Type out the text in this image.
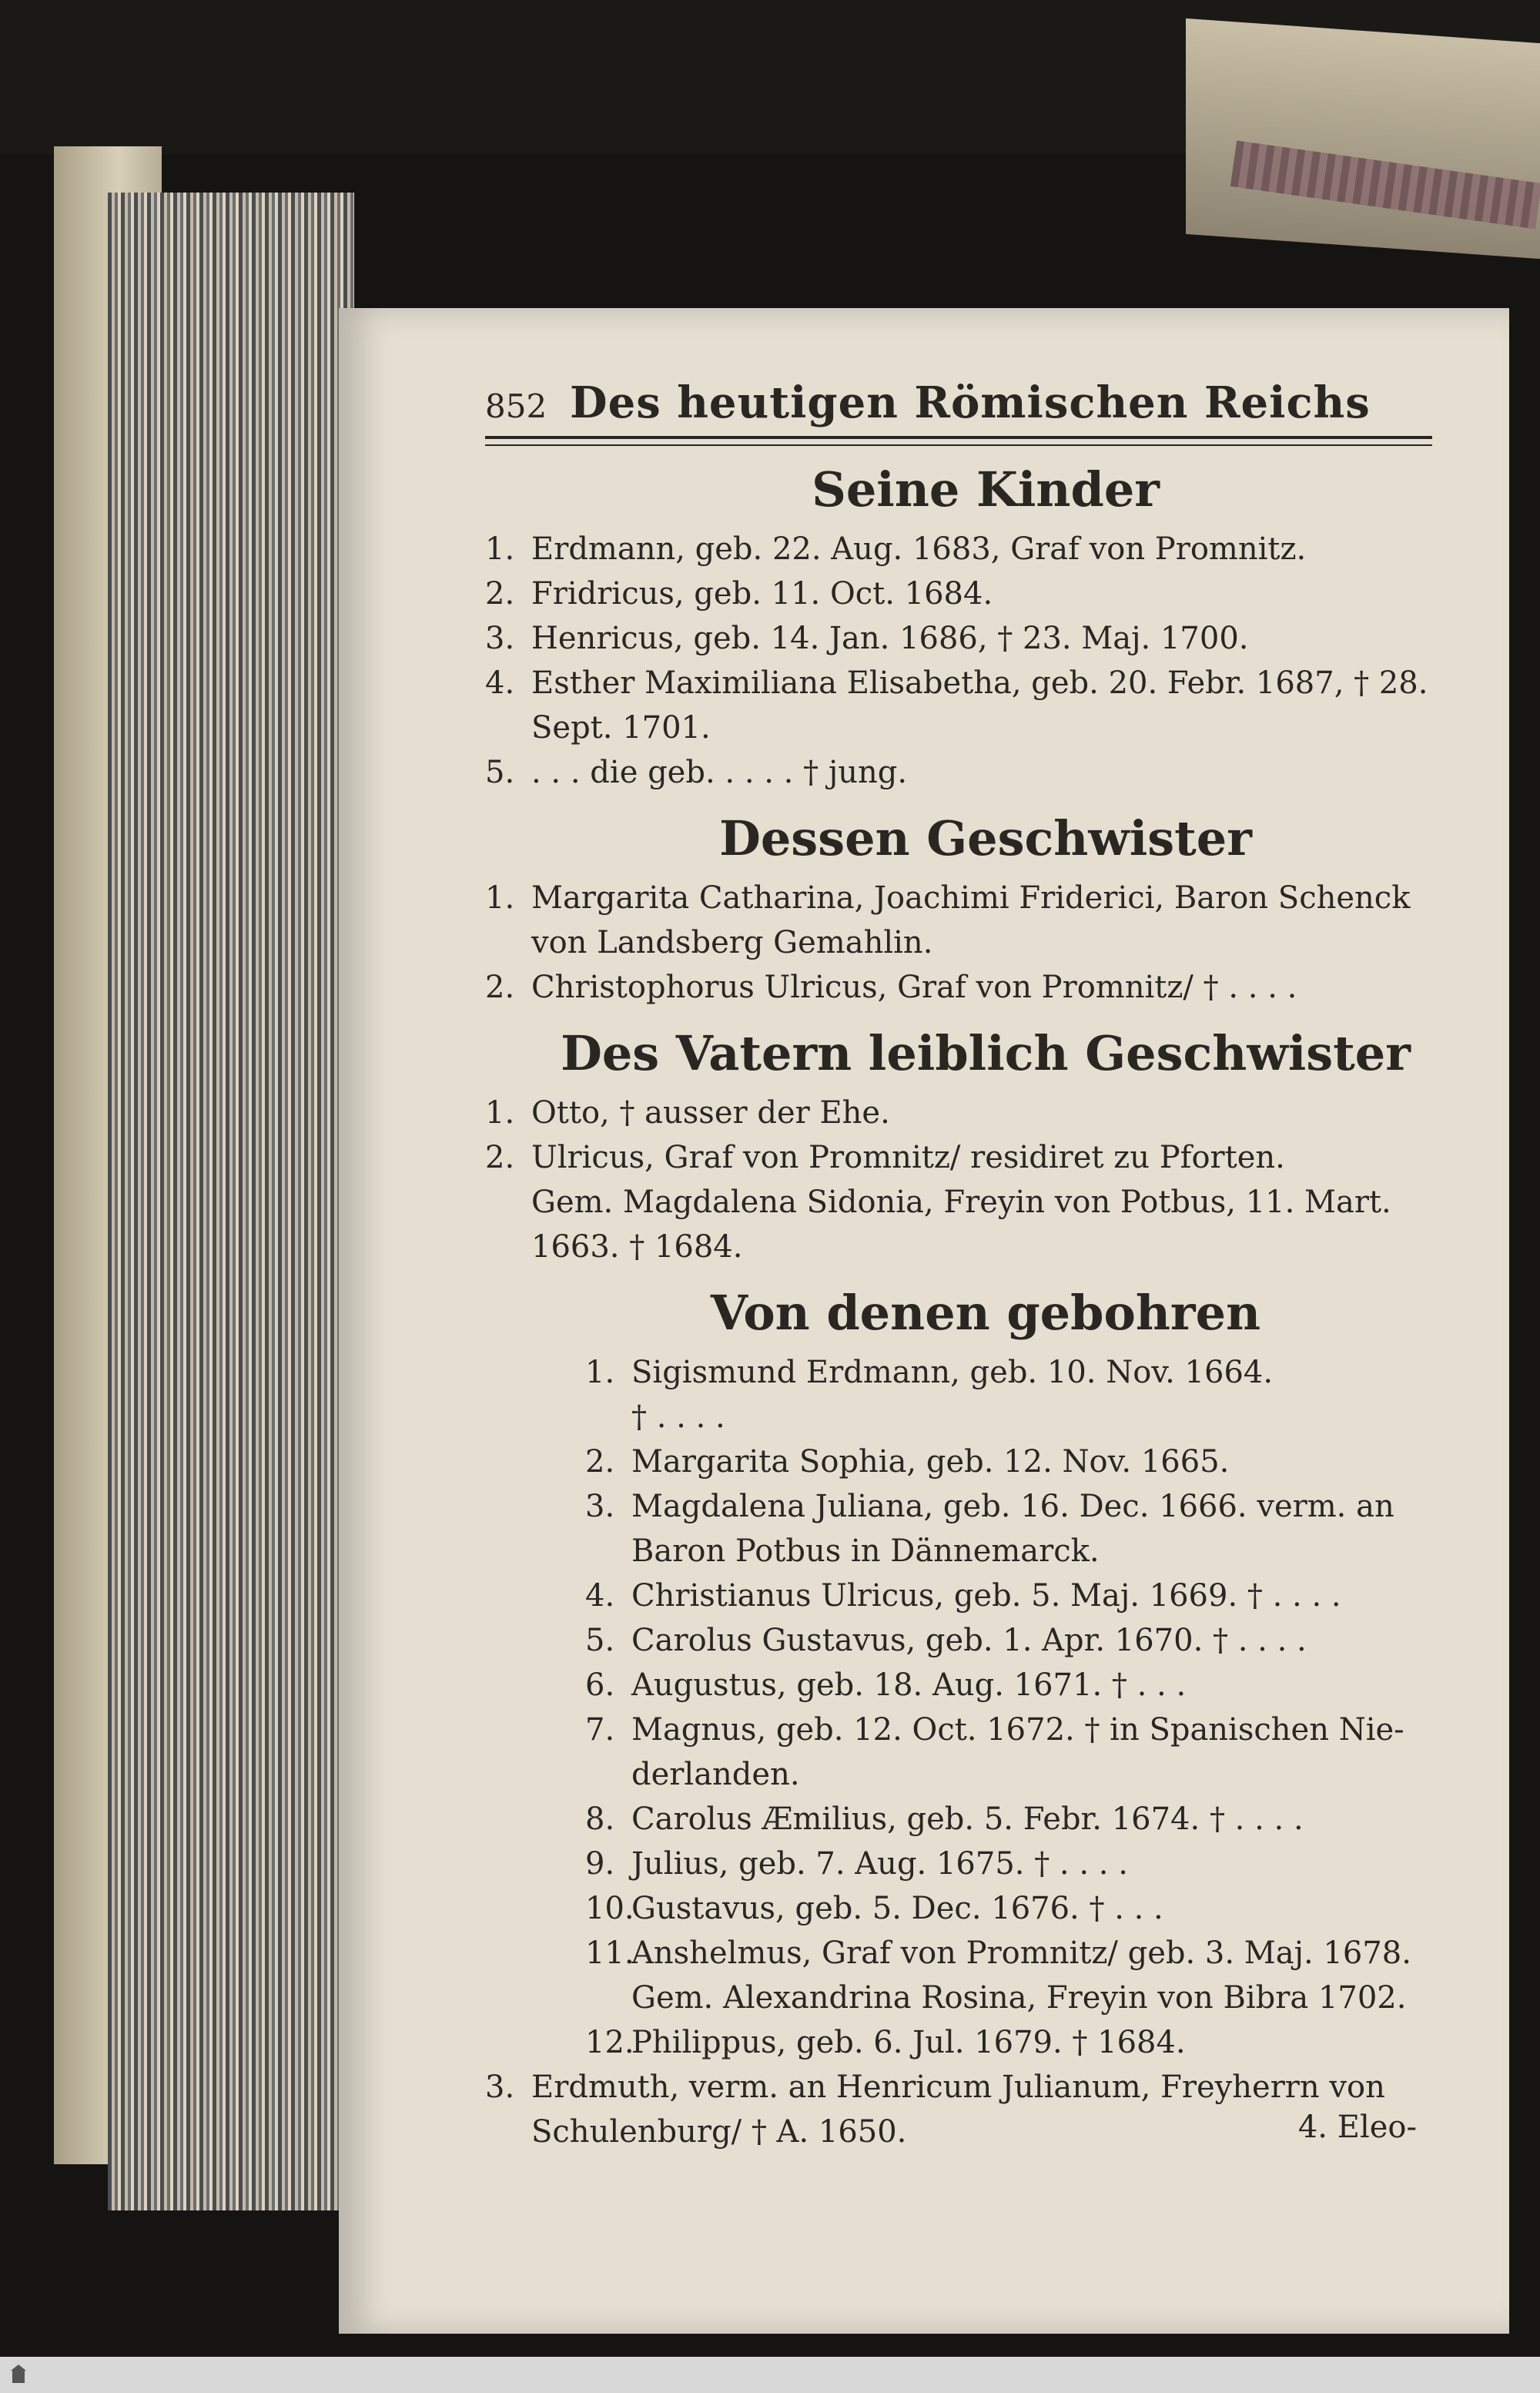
852 Des heutigen Römischen Reichs
Seine Kinder
1. Erdmann, geb. 22. Aug. 1683, Graf von Promnitz.
2. Fridricus, geb. 11. Oct. 1684.
3. Henricus, geb. 14. Jan. 1686, † 23. Maj. 1700.
4. Esther Maximiliana Elisabetha, geb. 20. Febr. 1687, † 28.
Sept. 1701.
5. . . . die geb. . . . . † jung.
Dessen Geschwister
1. Margarita Catharina, Joachimi Friderici, Baron Schenck
von Landsberg Gemahlin.
2. Christophorus Ulricus, Graf von Promnitz/ † . . . .
Des Vatern leiblich Geschwister
1. Otto, † ausser der Ehe.
2. Ulricus, Graf von Promnitz/ residiret zu Pforten.
Gem. Magdalena Sidonia, Freyin von Potbus, 11. Mart.
1663. † 1684.
Von denen gebohren
1. Sigismund Erdmann, geb. 10. Nov. 1664.
† . . . .
2. Margarita Sophia, geb. 12. Nov. 1665.
3. Magdalena Juliana, geb. 16. Dec. 1666. verm. an
Baron Potbus in Dännemarck.
4. Christianus Ulricus, geb. 5. Maj. 1669. † . . . .
5. Carolus Gustavus, geb. 1. Apr. 1670. † . . . .
6. Augustus, geb. 18. Aug. 1671. † . . .
7. Magnus, geb. 12. Oct. 1672. † in Spanischen Nie-
derlanden.
8. Carolus Æmilius, geb. 5. Febr. 1674. † . . . .
9. Julius, geb. 7. Aug. 1675. † . . . .
10.Gustavus, geb. 5. Dec. 1676. † . . .
11.Anshelmus, Graf von Promnitz/ geb. 3. Maj. 1678.
Gem. Alexandrina Rosina, Freyin von Bibra 1702.
12.Philippus, geb. 6. Jul. 1679. † 1684.
3. Erdmuth, verm. an Henricum Julianum, Freyherrn von
Schulenburg/ † A. 1650.	4. Eleo-
